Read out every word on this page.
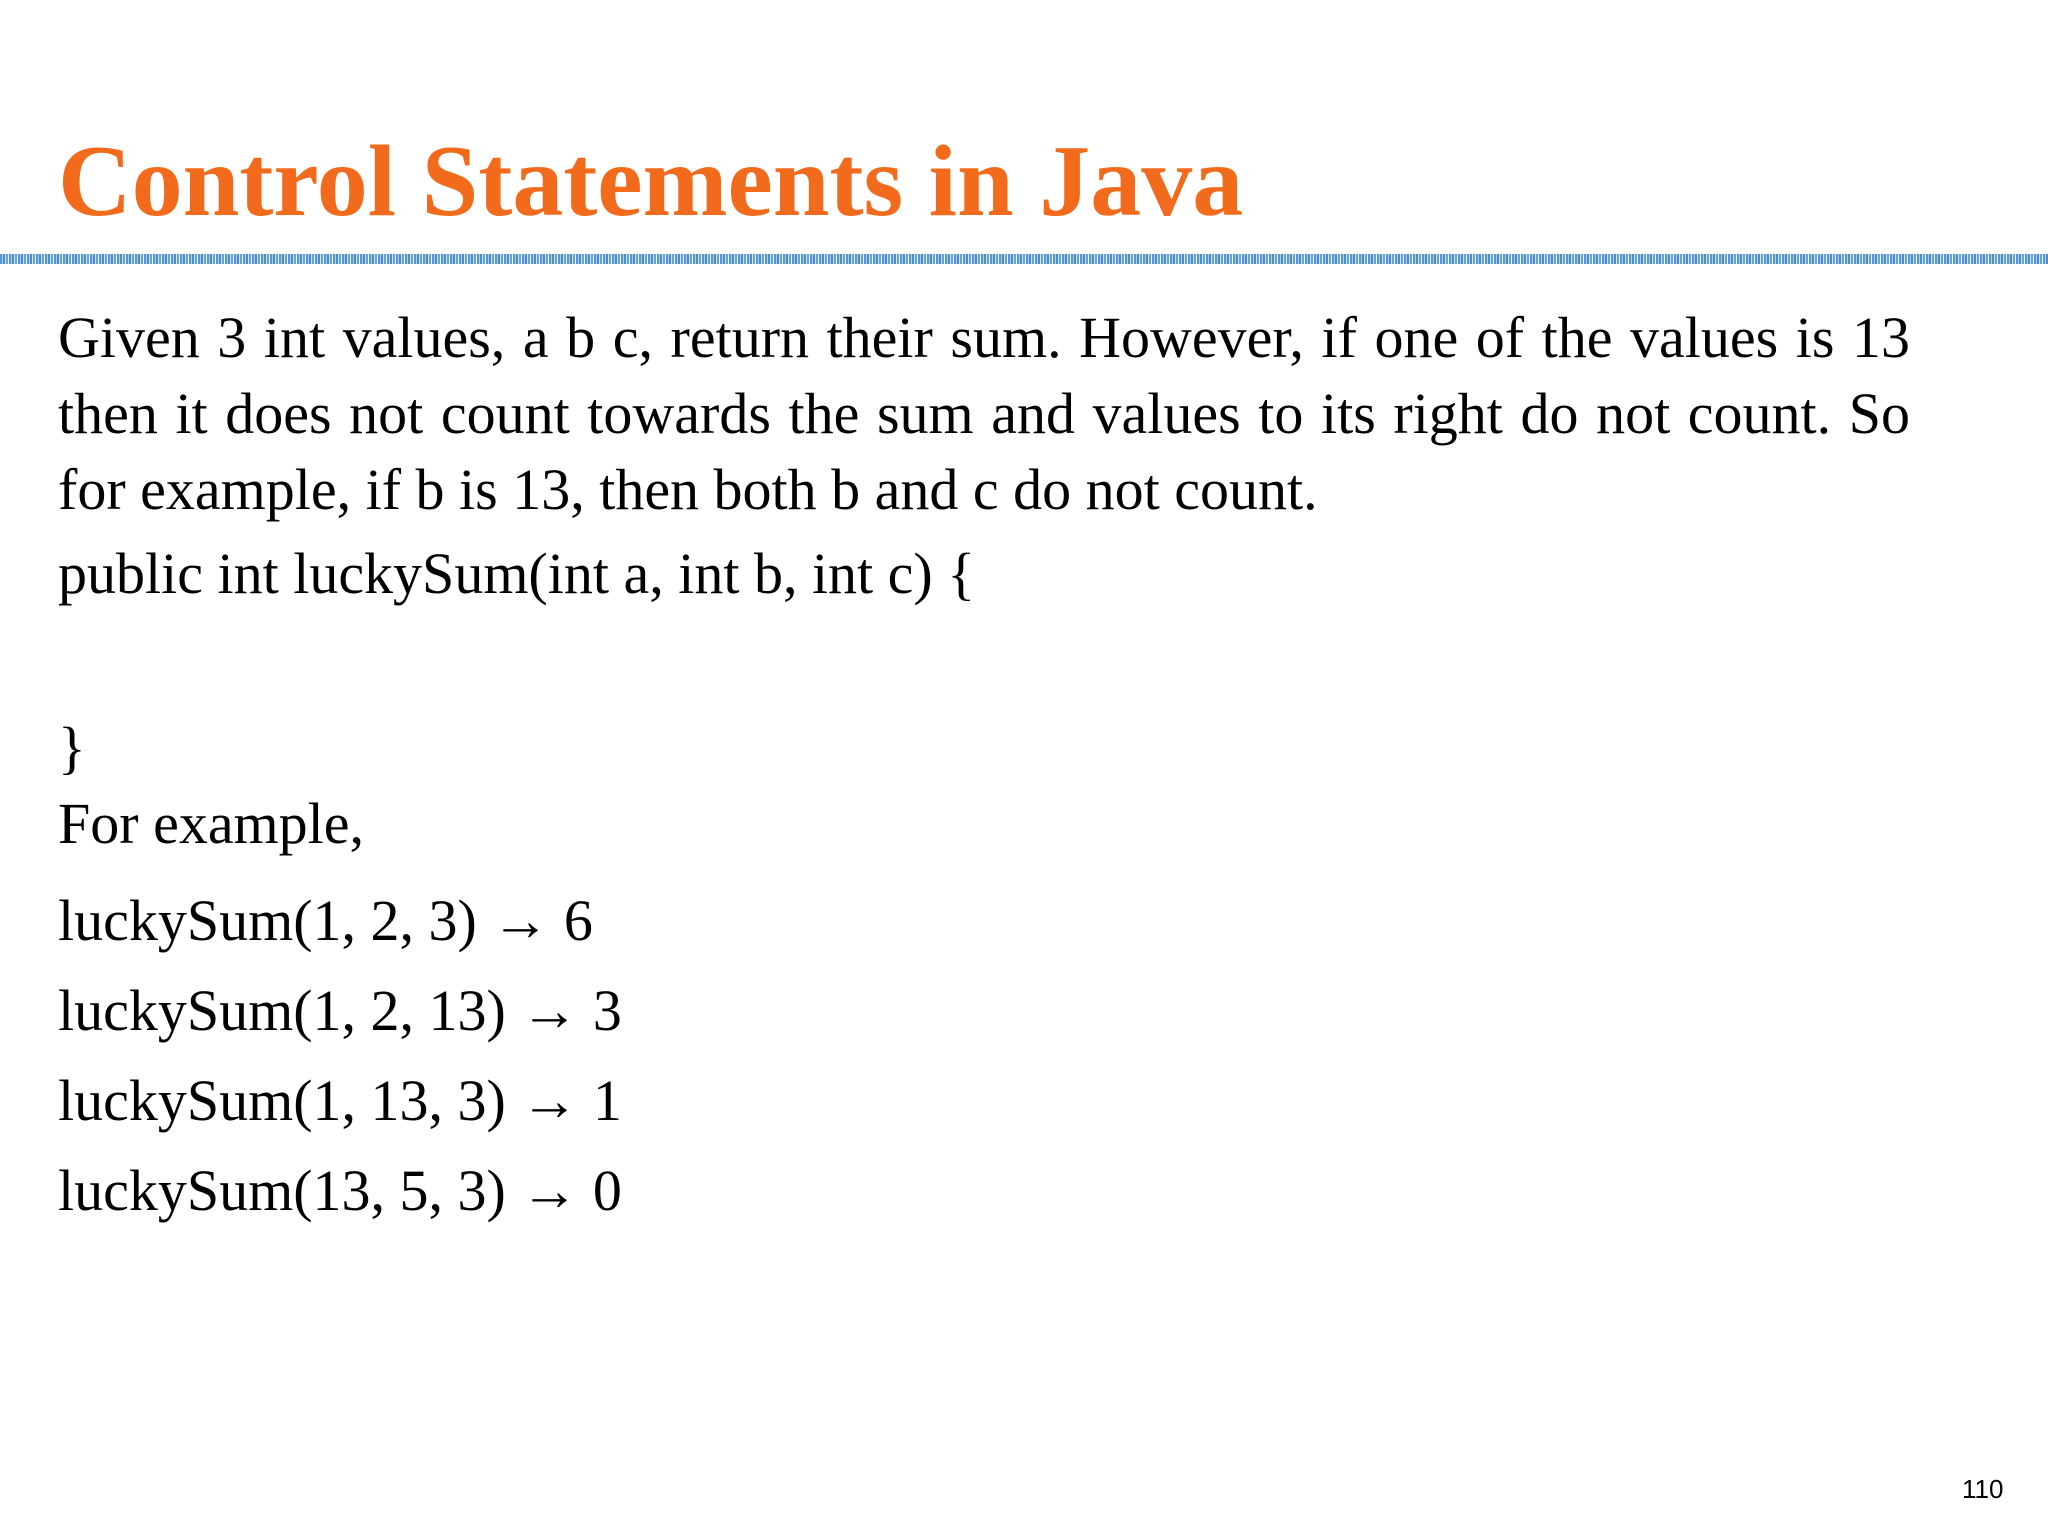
Control Statements in Java

Given 3 int values, a b c, return their sum. However, if one of the values is 13 then it does not count towards the sum and values to its right do not count. So for example, if b is 13, then both b and c do not count.

public int luckySum(int a, int b, int c) {

}

For example,

luckySum(1, 2, 3) → 6
luckySum(1, 2, 13) → 3
luckySum(1, 13, 3) → 1
luckySum(13, 5, 3) → 0
110
